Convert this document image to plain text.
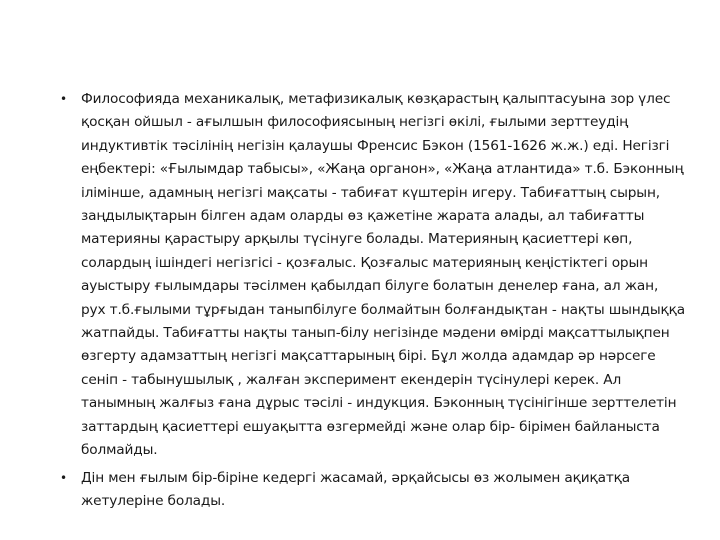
•	Философияда механикалық, метафизикалық көзқарастың қалыптасуына зор үлес қосқан ойшыл - ағылшын философиясының негізгі өкілі, ғылыми зерттеудің индуктивтік тәсілінің негізін қалаушы Френсис Бэкон (1561-1626 ж.ж.) еді. Негізгі еңбектері: «Ғылымдар табысы», «Жаңа органон», «Жаңа атлантида» т.б. Бэконның ілімінше, адамның негізгі мақсаты - табиғат күштерін игеру. Табиғаттың сырын, заңдылықтарын білген адам оларды өз қажетіне жарата алады, ал табиғатты материяны қарастыру арқылы түсінуге болады. Материяның қасиеттері көп, солардың ішіндегі негізгісі - қозғалыс. Қозғалыс материяның кеңістіктегі орын ауыстыру ғылымдары тәсілмен қабылдап білуге болатын денелер ғана, ал жан, рух т.б.ғылыми тұрғыдан таныпбілуге болмайтын болғандықтан - нақты шындыққа жатпайды. Табиғатты нақты танып-білу негізінде мәдени өмірді мақсаттылықпен өзгерту адамзаттың негізгі мақсаттарының бірі. Бұл жолда адамдар әр нәрсеге сеніп - табынушылық , жалған эксперимент екендерін түсінулері керек. Ал танымның жалғыз ғана дұрыс тәсілі - индукция. Бэконның түсінігінше зерттелетін заттардың қасиеттері ешуақытта өзгермейді және олар бір- бірімен байланыста болмайды.
•	Дін мен ғылым бір-біріне кедергі жасамай, әрқайсысы өз жолымен ақиқатқа жетулеріне болады.
